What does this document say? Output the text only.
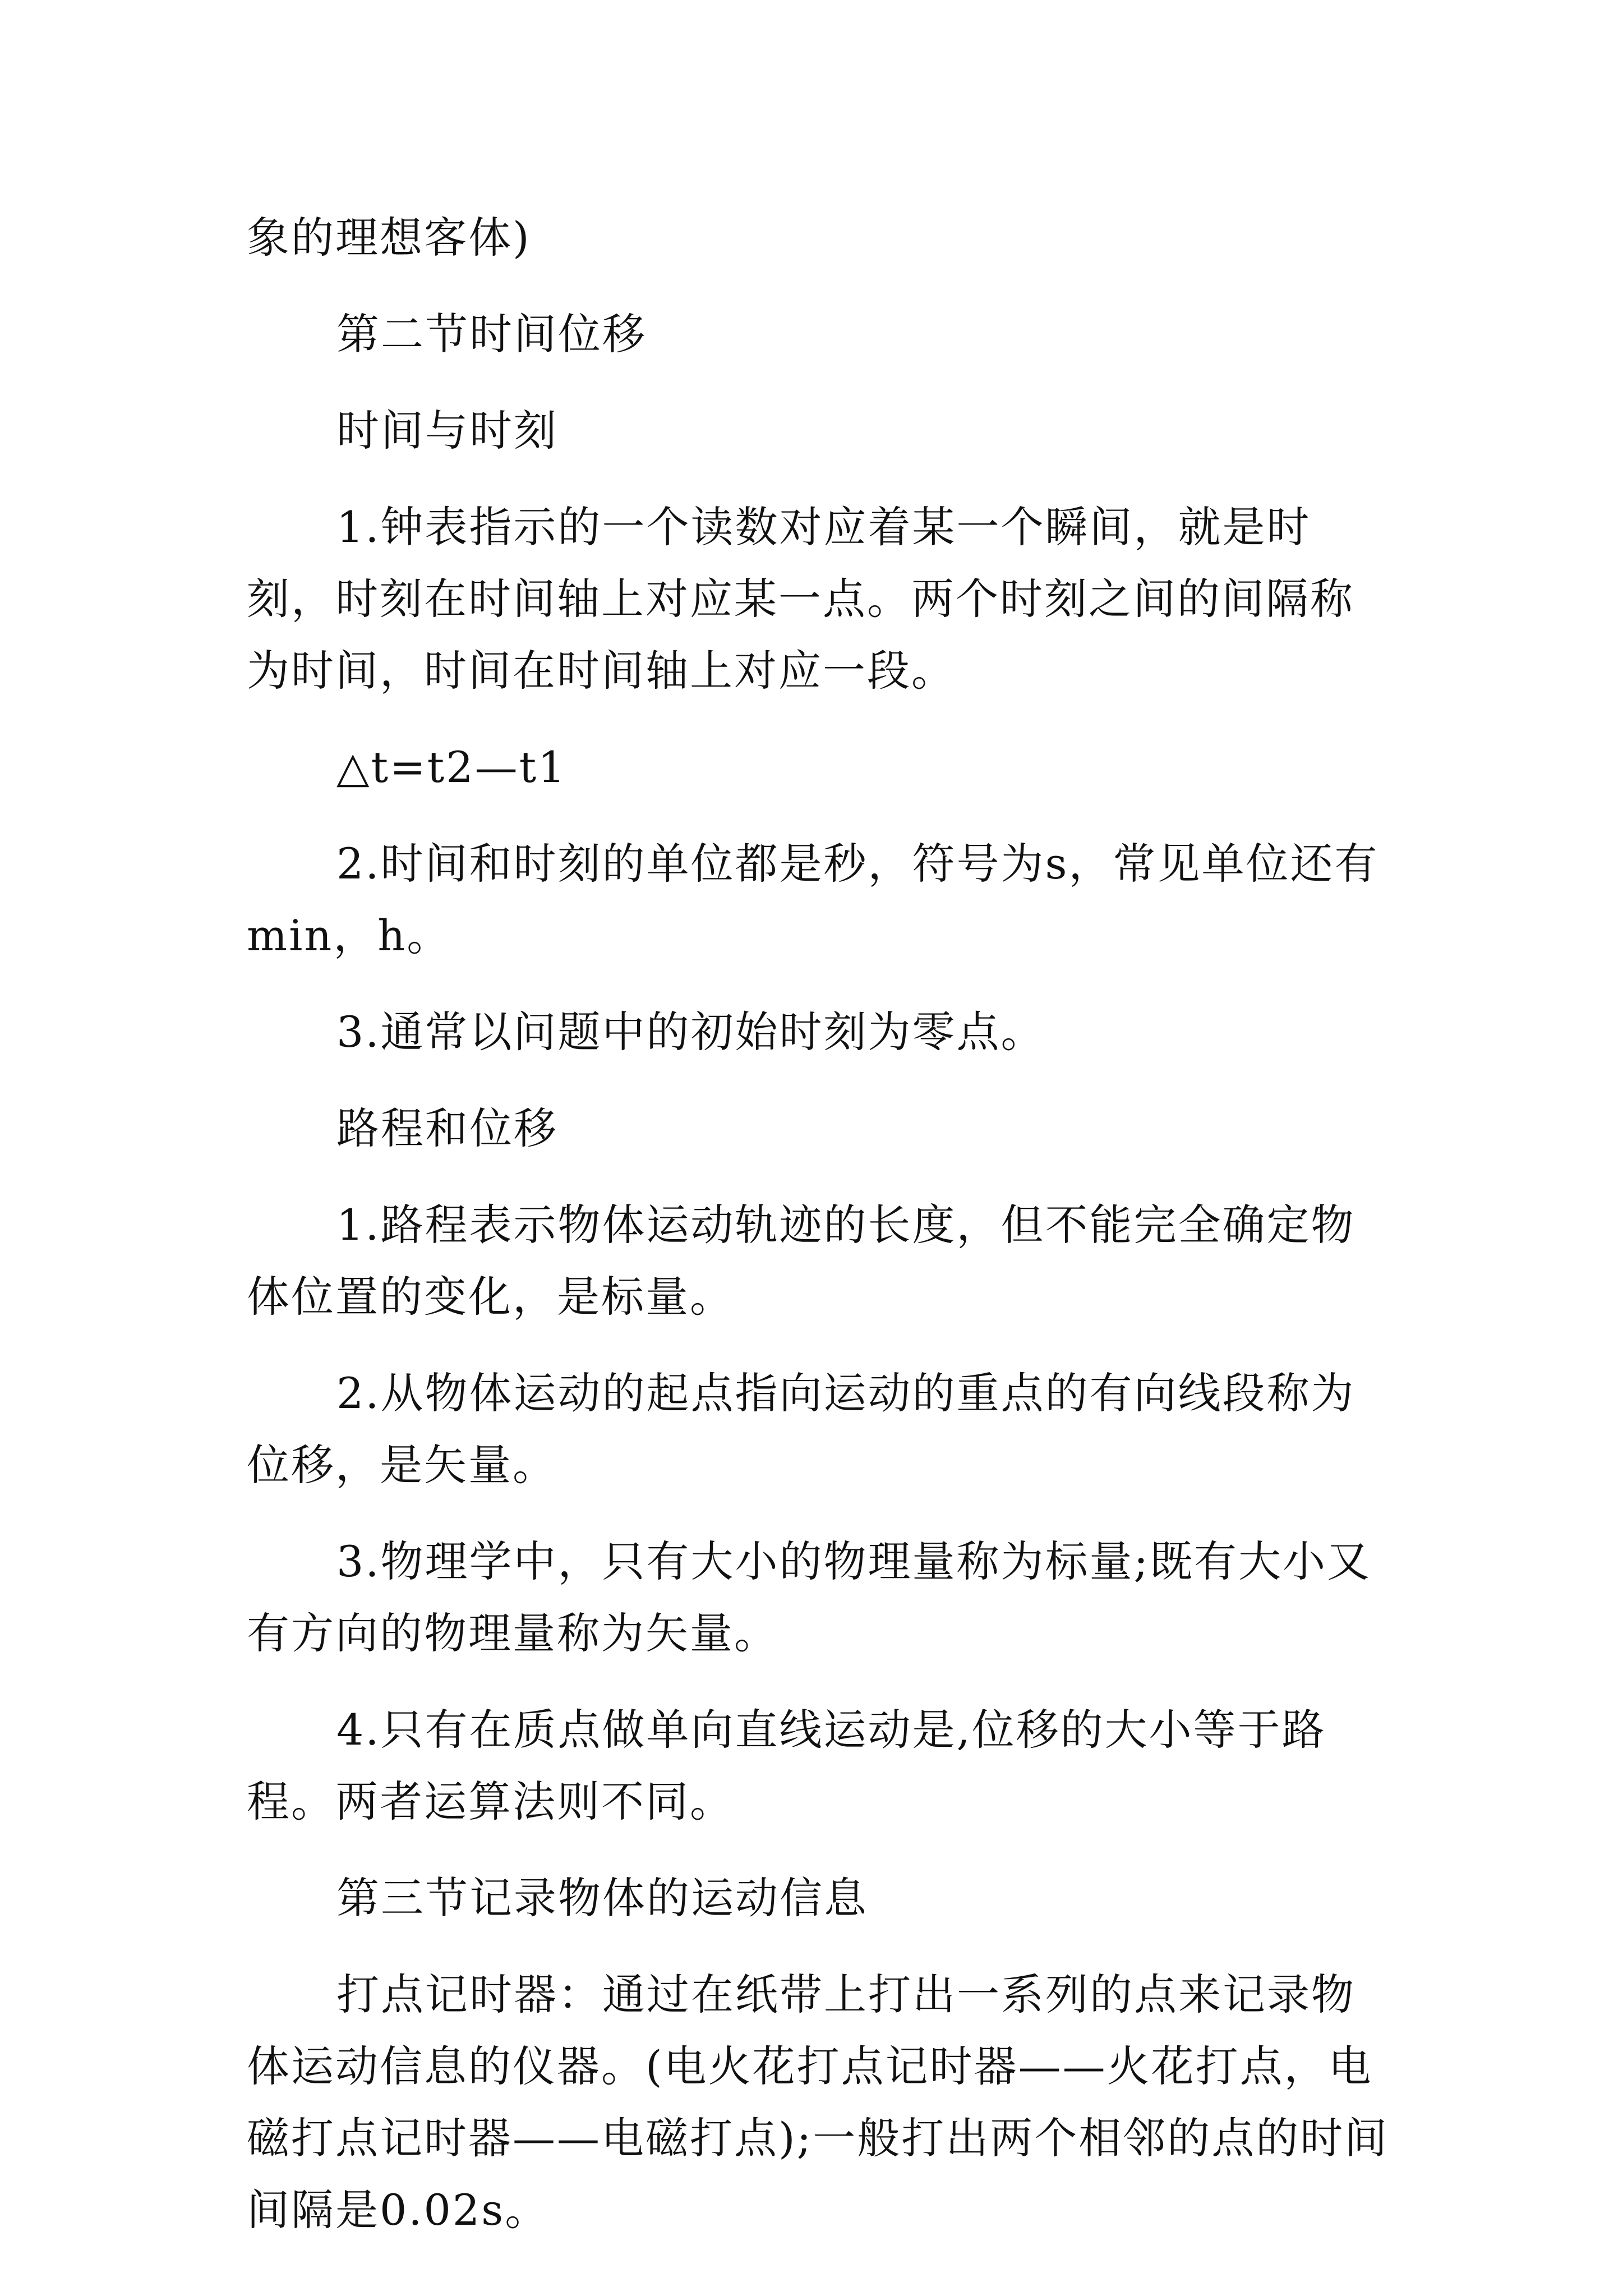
象的理想客体)

第二节时间位移

时间与时刻

1.钟表指示的一个读数对应着某一个瞬间，就是时刻，时刻在时间轴上对应某一点。两个时刻之间的间隔称为时间，时间在时间轴上对应一段。

△t=t2—t1

2.时间和时刻的单位都是秒，符号为s，常见单位还有min，h。

3.通常以问题中的初始时刻为零点。

路程和位移

1.路程表示物体运动轨迹的长度，但不能完全确定物体位置的变化，是标量。

2.从物体运动的起点指向运动的重点的有向线段称为位移，是矢量。

3.物理学中，只有大小的物理量称为标量;既有大小又有方向的物理量称为矢量。

4.只有在质点做单向直线运动是,位移的大小等于路程。两者运算法则不同。

第三节记录物体的运动信息

打点记时器：通过在纸带上打出一系列的点来记录物体运动信息的仪器。(电火花打点记时器——火花打点，电磁打点记时器——电磁打点);一般打出两个相邻的点的时间间隔是0.02s。
